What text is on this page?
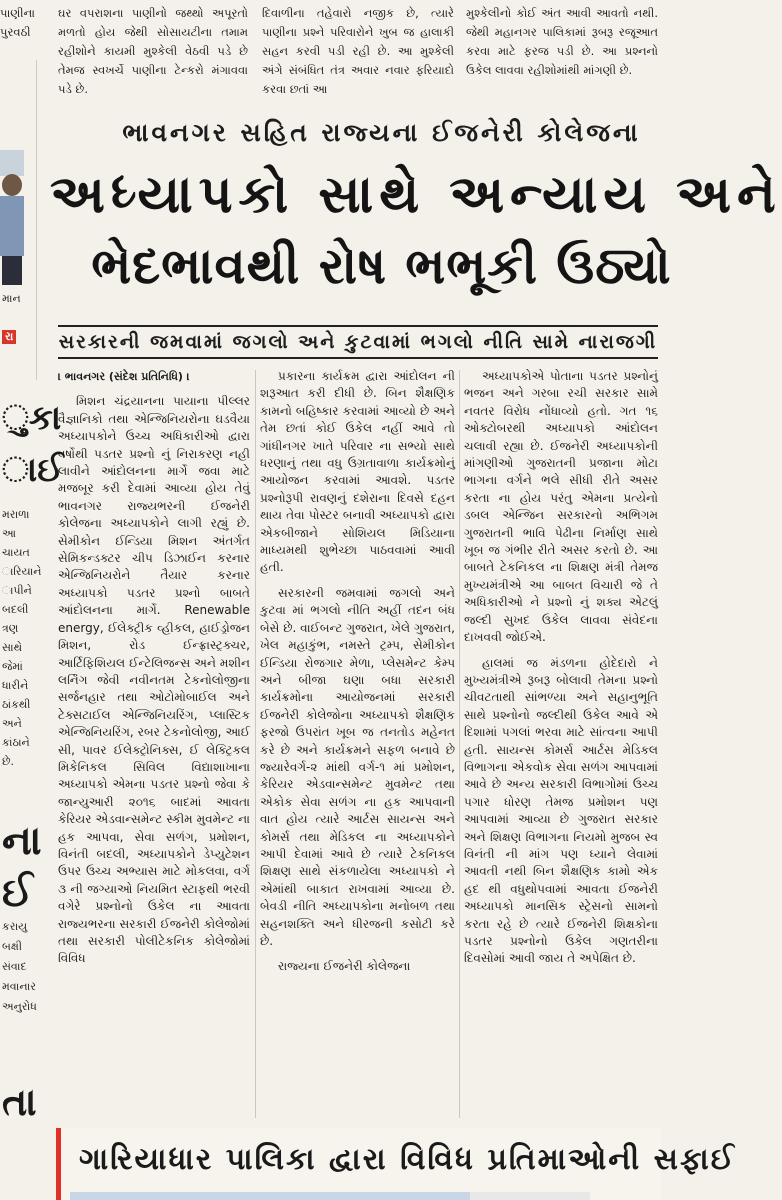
પાણીના પુરવઠી

ઘર વપરાશના પાણીનો જથ્થો અપૂરતો મળતો હોય જેથી સોસાયટીના તમામ રહીશોને કાયમી મુશ્કેલી વેઠવી પડે છે તેમજ સ્વખર્ચે પાણીના ટેન્કરો મંગાવવા પડે છે.

દિવાળીના તહેવારો નજીક છે, ત્યારે પાણીના પ્રશ્ને પરિવારોને ખુબ જ હાલાકી સહન કરવી પડી રહી છે. આ મુશ્કેલી અંગે સંબંધિત તંત્ર અવાર નવાર ફરિયાદો કરવા છતાં આ

મુશ્કેલીનો કોઈ અંત આવી આવતો નથી. જેથી મહાનગર પાલિકામાં રૂબરૂ રજૂઆત કરવા માટે ફરજ પડી છે. આ પ્રશ્નનો ઉકેલ લાવવા રહીશોમાંથી માંગણી છે.

માન
રા
ુકા
ાઈ
મરાળા
આ
ચાયત
ારિયાને
ાપીને
બદલી
ત્રણ
સાથે
જેમાં
ધારીને
ઠાંકથી
અને
કાંઠાને
છે.
ના
ઈ
કરાયુ
બક્ષી
સંવાદ
મવાનાર
અનુરોધ
તા
ભાવનગર સહિત રાજ્યના ઈજનેરી કોલેજના
અધ્યાપકો સાથે અન્યાય અને
ભેદભાવથી રોષ ભભૂકી ઉઠ્યો
સરકારની જમવામાં જગલો અને કુટવામાં ભગલો નીતિ સામે નારાજગી

। ભાવનગર (સંદેશ પ્રતિનિધિ) ।

મિશન ચંદ્રયાનના પાયાના પીલ્લર વૈજ્ઞાનિકો તથા એન્જિનિયરોના ઘડવૈયા અધ્યાપકોને ઉચ્ચ અધિકારીઓ દ્વારા વર્ષોથી પડતર પ્રશ્નો નું નિરાકરણ નહી લાવીને આંદોલનના માર્ગે જવા માટે મજબૂર કરી દેવામાં આવ્યા હોય તેવું ભાવનગર રાજ્યભરની ઈજનેરી કોલેજના અધ્યાપકોને લાગી રહ્યું છે. સેમીકોન ઈન્ડિયા મિશન અંતર્ગત સેમિકન્ડક્ટર ચીપ ડિઝાઈન કરનાર એન્જિનિયરોને તૈયાર કરનાર અધ્યાપકો પડતર પ્રશ્નો બાબતે આંદોલનના માર્ગે. Renewable energy, ઈલેક્ટ્રીક વ્હીકલ, હાઈડ્રોજન મિશન, રોડ ઈન્ફ્રાસ્ટ્રક્ચર, આર્ટિફિશિયલ ઈન્ટેલિજન્સ અને મશીન લર્નિંગ જેવી નવીનતમ ટેકનોલોજીના સર્જનહાર તથા ઓટોમોબાઈલ અને ટેક્સટાઈલ એન્જિનિયરિંગ, પ્લાસ્ટિક એન્જિનિયરિંગ, રબર ટેકનોલોજી, આઈ સી, પાવર ઈલેક્ટ્રોનિક્સ, ઈ લેક્ટ્રિકલ મિકેનિકલ સિવિલ વિદ્યાશાખાના અધ્યાપકો એમના પડતર પ્રશ્નો જેવા કે જાન્યુઆરી ૨૦૧૬ બાદમાં આવતા કેરિયર એડવાન્સમેન્ટ સ્કીમ મુવમેન્ટ ના હક આપવા, સેવા સળંગ, પ્રમોશન, વિનંતી બદલી, અધ્યાપકોને ડેપ્યુટેશન ઉપર ઉચ્ચ અભ્યાસ માટે મોકલવા, વર્ગ ૩ ની જગ્યાઓ નિયમિત સ્ટાફથી ભરવી વગેરે પ્રશ્નોનો ઉકેલ ના આવતા રાજ્યભરના સરકારી ઈજનેરી કોલેજોમાં તથા સરકારી પોલીટેકનિક કોલેજોમાં વિવિધ

પ્રકારના કાર્યક્રમ દ્વારા આંદોલન ની શરૂઆત કરી દીધી છે. બિન શૈક્ષણિક કામનો બહિષ્કાર કરવામાં આવ્યો છે અને તેમ છતાં કોઈ ઉકેલ નહીં આવે તો ગાંધીનગર ખાતે પરિવાર ના સભ્યો સાથે ધરણાનું તથા વધુ ઉગ્રતાવાળા કાર્યક્રમોનું આયોજન કરવામાં આવશે. પડતર પ્રશ્નોરૂપી રાવણનું દશેરાના દિવસે દહન થાય તેવા પોસ્ટર બનાવી અધ્યાપકો દ્વારા એકબીજાને સોશિયલ મિડિયાના માધ્યમથી શુભેચ્છા પાઠવવામાં આવી હતી.

સરકારની જમવામાં જગલો અને કુટવા માં ભગલો નીતિ અહીં તદન બંધ બેસે છે. વાઈબન્ટ ગુજરાત, ખેલે ગુજરાત, ખેલ મહાકુંભ, નમસ્તે ટ્રમ્પ, સેમીકોન ઈન્ડિયા રોજગાર મેળા, પ્લેસમેન્ટ કેમ્પ અને બીજા ઘણા બધા સરકારી કાર્યક્રમોના આયોજનમાં સરકારી ઈજનેરી કોલેજોના અધ્યાપકો શૈક્ષણિક ફરજો ઉપરાંત ખૂબ જ તનતોડ મહેનત કરે છે અને કાર્યક્રમને સફળ બનાવે છે જ્યારેવર્ગ-૨ માંથી વર્ગ-૧ માં પ્રમોશન, કેરિયર એડવાન્સમેન્ટ મુવમેન્ટ તથા એકોક સેવા સળંગ ના હક આપવાની વાત હોય ત્યારે આર્ટસ સાયન્સ અને કોમર્સ તથા મેડિકલ ના અધ્યાપકોને આપી દેવામાં આવે છે ત્યારે ટેકનિકલ શિક્ષણ સાથે સંકળાયેલા અધ્યાપકો ને એમાંથી બાકાત રાખવામાં આવ્યા છે. બેવડી નીતિ અધ્યાપકોના મનોબળ તથા સહનશક્તિ અને ધીરજની કસોટી કરે છે.

રાજ્યના ઈજનેરી કોલેજના

અધ્યાપકોએ પોતાના પડતર પ્રશ્નોનું ભજન અને ગરબા રચી સરકાર સામે નવતર વિરોધ નોંધાવ્યો હતો. ગત ૧૬ ઓક્ટોબરથી અધ્યાપકો આંદોલન ચલાવી રહ્યા છે. ઈજનેરી અધ્યાપકોની માંગણીઓ ગુજરાતની પ્રજાના મોટા ભાગના વર્ગને ભલે સીધી રીતે અસર કરતા ના હોય પરંતુ એમના પ્રત્યેનો ડબલ એન્જિન સરકારનો અભિગમ ગુજરાતની ભાવિ પેઢીના નિર્માણ સાથે ખૂબ જ ગંભીર રીતે અસર કરતો છે. આ બાબતે ટેકનિકલ ના શિક્ષણ મંત્રી તેમજ મુખ્યમંત્રીએ આ બાબત વિચારી જે તે અધિકારીઓ ને પ્રશ્નો નું શક્ય એટલું જલ્દી સુખદ ઉકેલ લાવવા સંવેદના દાખવવી જોઈએ.

હાલમાં જ મંડળના હોદેદારો ને મુખ્યમંત્રીએ રૂબરૂ બોલાવી તેમના પ્રશ્નો ચીવટતાથી સાંભળ્યા અને સહાનુભૂતિ સાથે પ્રશ્નોનો જલ્દીથી ઉકેલ આવે એ દિશામાં પગલાં ભરવા માટે સાંત્વના આપી હતી. સાયન્સ કોમર્સ આર્ટસ મેડિકલ વિભાગના એકવોક સેવા સળંગ આપવામાં આવે છે અન્ય સરકારી વિભાગોમાં ઉચ્ચ પગાર ધોરણ તેમજ પ્રમોશન પણ આપવામાં આવ્યા છે ગુજરાત સરકાર અને શિક્ષણ વિભાગના નિયમો મુજબ સ્વ વિનંતી ની માંગ પણ ધ્યાને લેવામાં આવતી નથી બિન શૈક્ષણિક કામો એક હદ થી વધુથોપવામાં આવતા ઈજનેરી અધ્યાપકો માનસિક સ્ટ્રેસનો સામનો કરતા રહે છે ત્યારે ઈજનેરી શિક્ષકોના પડતર પ્રશ્નોનો ઉકેલ ગણતરીના દિવસોમાં આવી જાય તે અપેક્ષિત છે.

ગારિયાધાર પાલિકા દ્વારા વિવિધ પ્રતિમાઓની સફાઈ
